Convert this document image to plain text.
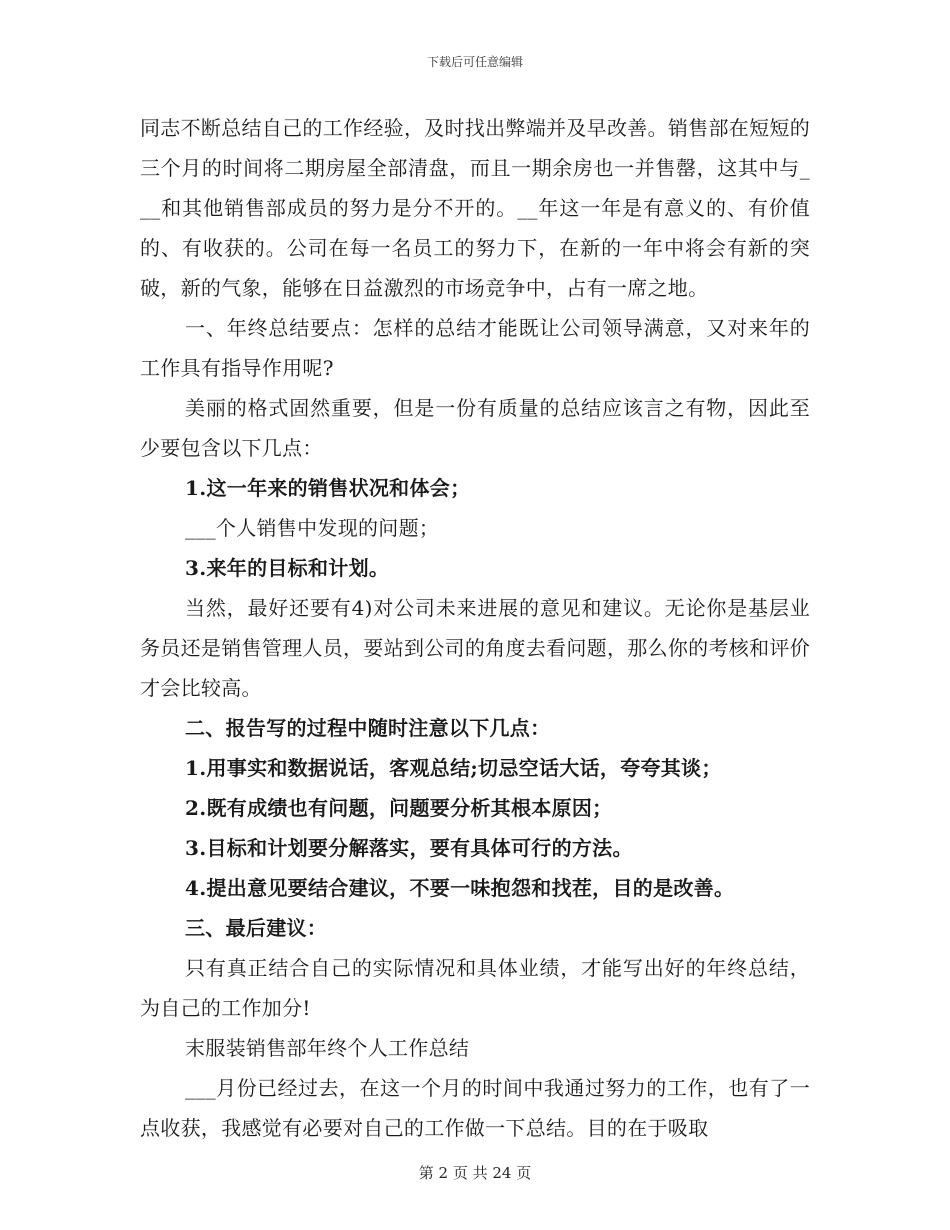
下载后可任意编辑

同志不断总结自己的工作经验，及时找出弊端并及早改善。销售部在短短的三个月的时间将二期房屋全部清盘，而且一期余房也一并售罄，这其中与___和其他销售部成员的努力是分不开的。__年这一年是有意义的、有价值的、有收获的。公司在每一名员工的努力下，在新的一年中将会有新的突破，新的气象，能够在日益激烈的市场竞争中，占有一席之地。

一、年终总结要点：怎样的总结才能既让公司领导满意，又对来年的工作具有指导作用呢?

美丽的格式固然重要，但是一份有质量的总结应该言之有物，因此至少要包含以下几点：

1.这一年来的销售状况和体会；

___个人销售中发现的问题；

3.来年的目标和计划。

当然，最好还要有4)对公司未来进展的意见和建议。无论你是基层业务员还是销售管理人员，要站到公司的角度去看问题，那么你的考核和评价才会比较高。

二、报告写的过程中随时注意以下几点：

1.用事实和数据说话，客观总结;切忌空话大话，夸夸其谈；

2.既有成绩也有问题，问题要分析其根本原因；

3.目标和计划要分解落实，要有具体可行的方法。

4.提出意见要结合建议，不要一味抱怨和找茬，目的是改善。

三、最后建议：

只有真正结合自己的实际情况和具体业绩，才能写出好的年终总结，为自己的工作加分!

末服装销售部年终个人工作总结

___月份已经过去，在这一个月的时间中我通过努力的工作，也有了一点收获，我感觉有必要对自己的工作做一下总结。目的在于吸取

第 2 页 共 24 页
